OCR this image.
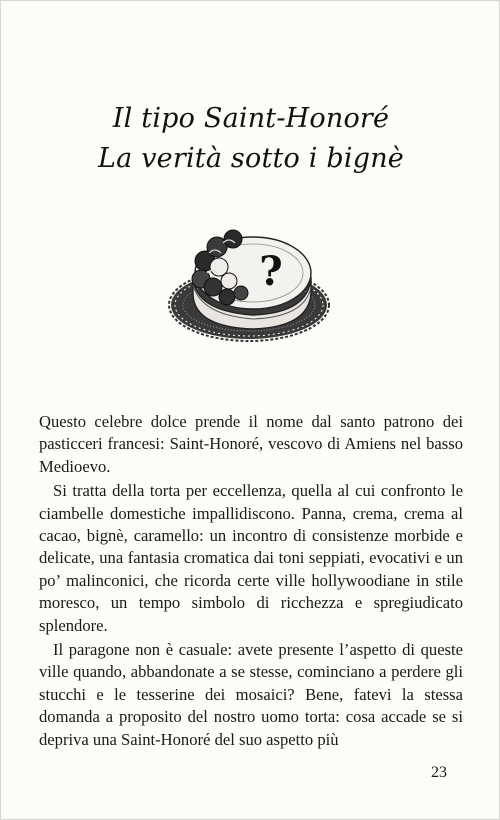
Il tipo Saint-Honoré
La verità sotto i bignè
?

Questo celebre dolce prende il nome dal santo patrono dei pasticceri francesi: Saint-Honoré, vescovo di Amiens nel basso Medioevo.

Si tratta della torta per eccellenza, quella al cui confronto le ciambelle domestiche impallidiscono. Panna, crema, crema al cacao, bignè, caramello: un incontro di consistenze morbide e delicate, una fantasia cromatica dai toni seppiati, evocativi e un po’ malinconici, che ricorda certe ville hollywoodiane in stile moresco, un tempo simbolo di ricchezza e spregiudicato splendore.

Il paragone non è casuale: avete presente l’aspetto di queste ville quando, abbandonate a se stesse, cominciano a perdere gli stucchi e le tesserine dei mosaici? Bene, fatevi la stessa domanda a proposito del nostro uomo torta: cosa accade se si deprivа una Saint-Honoré del suo aspetto più

23
